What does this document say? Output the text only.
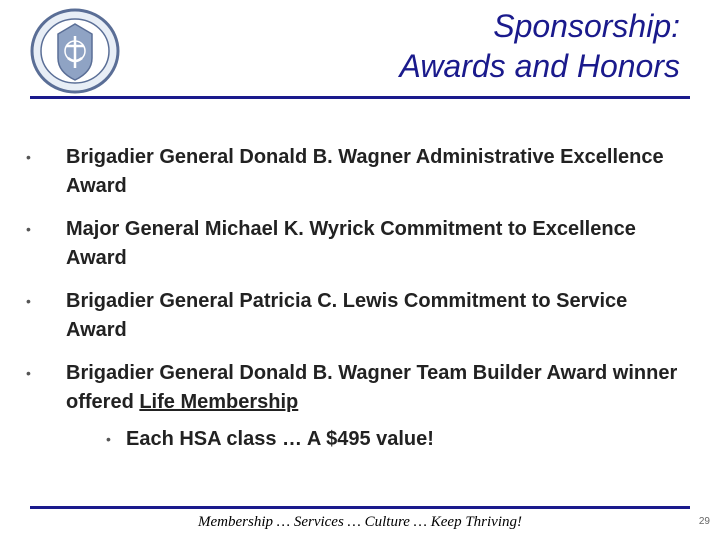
Sponsorship:
Awards and Honors
• Brigadier General Donald B. Wagner Administrative Excellence Award
• Major General Michael K. Wyrick Commitment to Excellence Award
• Brigadier General Patricia C. Lewis Commitment to Service Award
• Brigadier General Donald B. Wagner Team Builder Award winner offered Life Membership
• Each HSA class … A $495 value!
Membership … Services … Culture … Keep Thriving!	29
